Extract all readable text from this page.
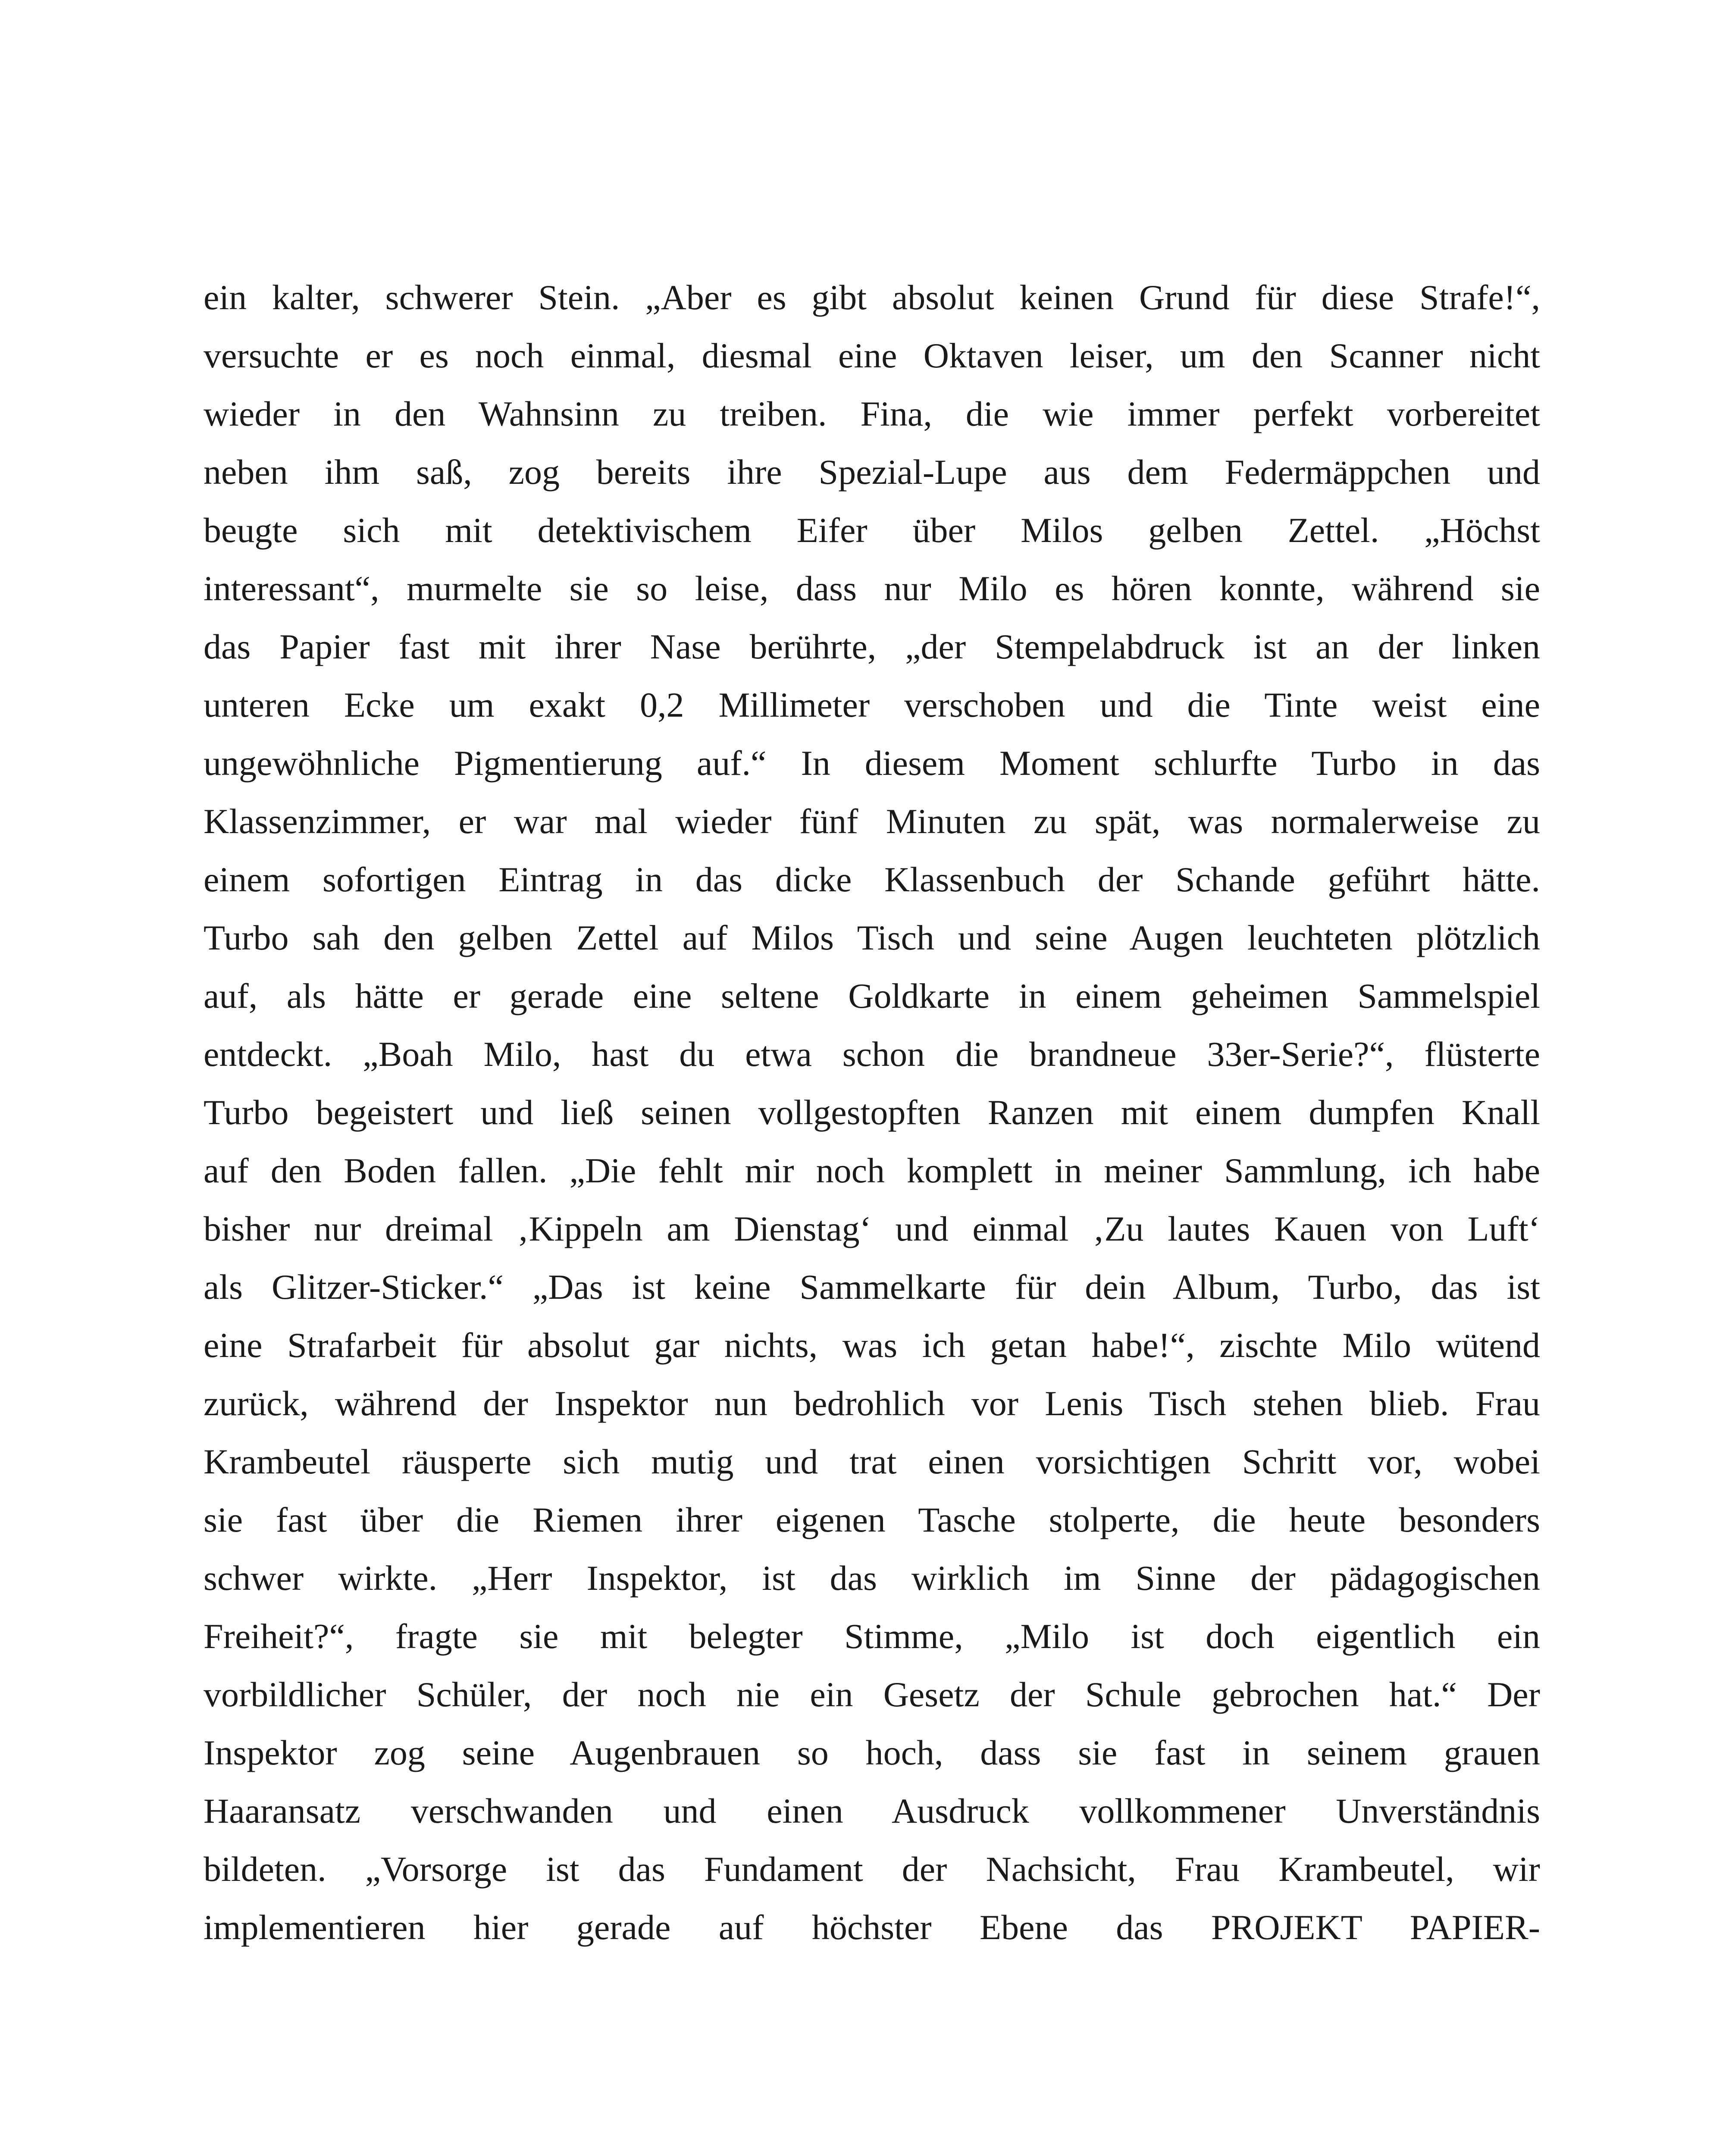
ein kalter, schwerer Stein. „Aber es gibt absolut keinen Grund für diese Strafe!“,
versuchte er es noch einmal, diesmal eine Oktaven leiser, um den Scanner nicht
wieder in den Wahnsinn zu treiben. Fina, die wie immer perfekt vorbereitet
neben ihm saß, zog bereits ihre Spezial-Lupe aus dem Federmäppchen und
beugte sich mit detektivischem Eifer über Milos gelben Zettel. „Höchst
interessant“, murmelte sie so leise, dass nur Milo es hören konnte, während sie
das Papier fast mit ihrer Nase berührte, „der Stempelabdruck ist an der linken
unteren Ecke um exakt 0,2 Millimeter verschoben und die Tinte weist eine
ungewöhnliche Pigmentierung auf.“ In diesem Moment schlurfte Turbo in das
Klassenzimmer, er war mal wieder fünf Minuten zu spät, was normalerweise zu
einem sofortigen Eintrag in das dicke Klassenbuch der Schande geführt hätte.
Turbo sah den gelben Zettel auf Milos Tisch und seine Augen leuchteten plötzlich
auf, als hätte er gerade eine seltene Goldkarte in einem geheimen Sammelspiel
entdeckt. „Boah Milo, hast du etwa schon die brandneue 33er-Serie?“, flüsterte
Turbo begeistert und ließ seinen vollgestopften Ranzen mit einem dumpfen Knall
auf den Boden fallen. „Die fehlt mir noch komplett in meiner Sammlung, ich habe
bisher nur dreimal ‚Kippeln am Dienstag‘ und einmal ‚Zu lautes Kauen von Luft‘
als Glitzer-Sticker.“ „Das ist keine Sammelkarte für dein Album, Turbo, das ist
eine Strafarbeit für absolut gar nichts, was ich getan habe!“, zischte Milo wütend
zurück, während der Inspektor nun bedrohlich vor Lenis Tisch stehen blieb. Frau
Krambeutel räusperte sich mutig und trat einen vorsichtigen Schritt vor, wobei
sie fast über die Riemen ihrer eigenen Tasche stolperte, die heute besonders
schwer wirkte. „Herr Inspektor, ist das wirklich im Sinne der pädagogischen
Freiheit?“, fragte sie mit belegter Stimme, „Milo ist doch eigentlich ein
vorbildlicher Schüler, der noch nie ein Gesetz der Schule gebrochen hat.“ Der
Inspektor zog seine Augenbrauen so hoch, dass sie fast in seinem grauen
Haaransatz verschwanden und einen Ausdruck vollkommener Unverständnis
bildeten. „Vorsorge ist das Fundament der Nachsicht, Frau Krambeutel, wir
implementieren hier gerade auf höchster Ebene das PROJEKT PAPIER-
